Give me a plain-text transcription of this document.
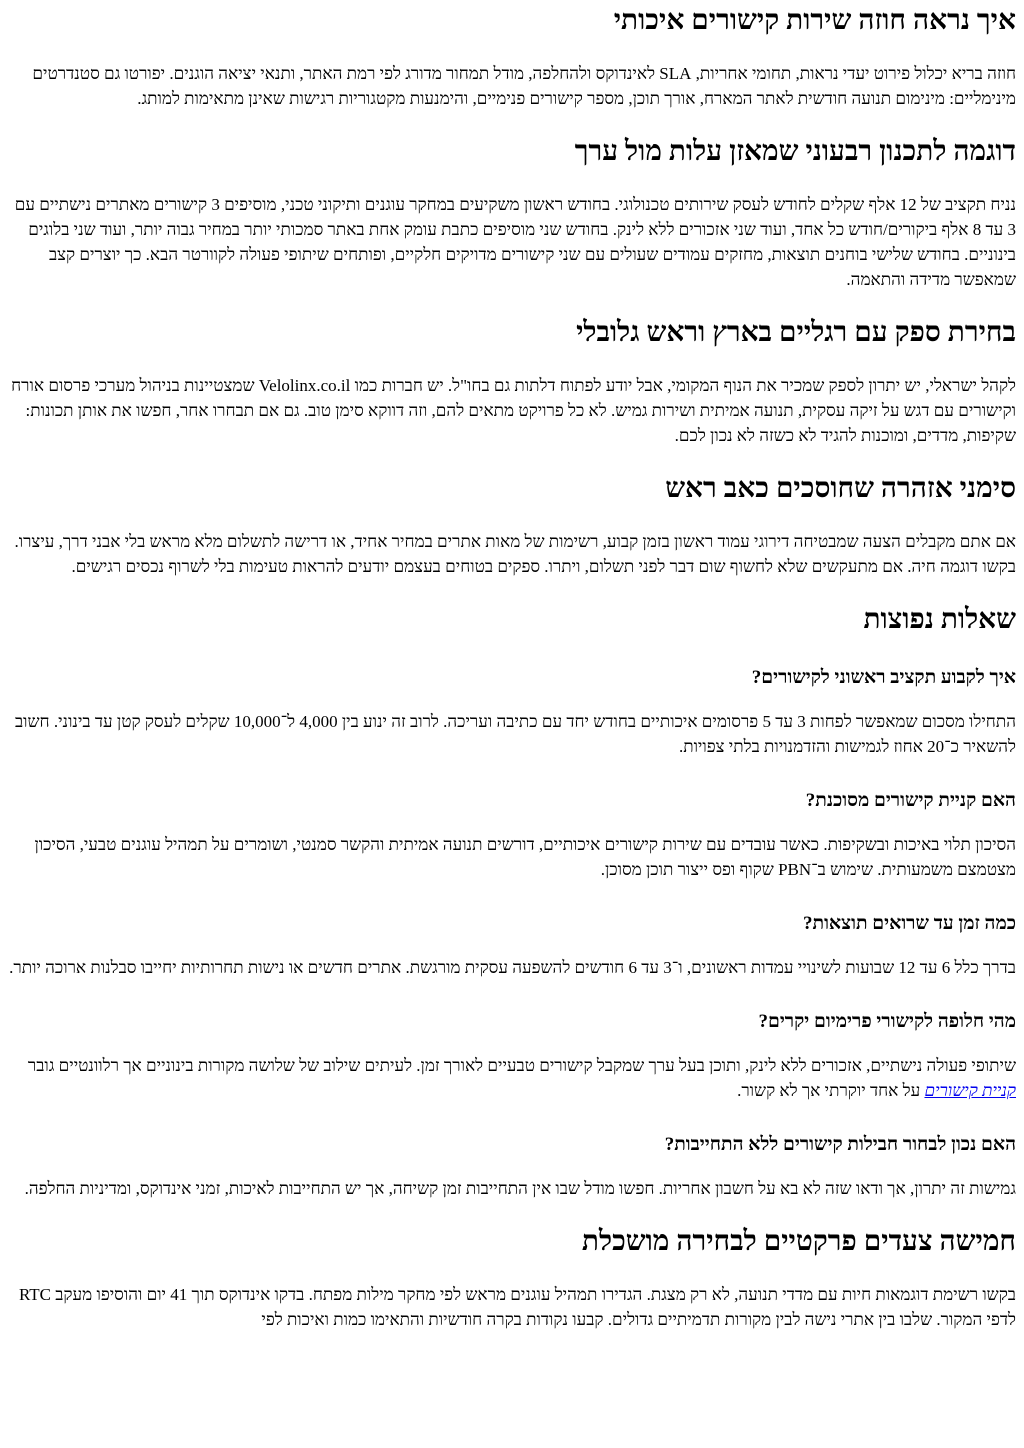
איך נראה חוזה שירות קישורים איכותי

חוזה בריא יכלול פירוט יעדי נראות, תחומי אחריות, SLA לאינדוקס ולהחלפה, מודל תמחור מדורג לפי רמת האתר, ותנאי יציאה הוגנים. יפורטו גם סטנדרטים מינימליים: מינימום תנועה חודשית לאתר המארח, אורך תוכן, מספר קישורים פנימיים, והימנעות מקטגוריות רגישות שאינן מתאימות למותג.

דוגמה לתכנון רבעוני שמאזן עלות מול ערך

נניח תקציב של 12 אלף שקלים לחודש לעסק שירותים טכנולוגי. בחודש ראשון משקיעים במחקר עוגנים ותיקוני טכני, מוסיפים 3 קישורים מאתרים נישתיים עם 3 עד 8 אלף ביקורים/חודש כל אחד, ועוד שני אזכורים ללא לינק. בחודש שני מוסיפים כתבת עומק אחת באתר סמכותי יותר במחיר גבוה יותר, ועוד שני בלוגים בינוניים. בחודש שלישי בוחנים תוצאות, מחזקים עמודים שעולים עם שני קישורים מדויקים חלקיים, ופותחים שיתופי פעולה לקוורטר הבא. כך יוצרים קצב שמאפשר מדידה והתאמה.

בחירת ספק עם רגליים בארץ וראש גלובלי

לקהל ישראלי, יש יתרון לספק שמכיר את הנוף המקומי, אבל יודע לפתוח דלתות גם בחו"ל. יש חברות כמו Velolinx.co.il שמצטיינות בניהול מערכי פרסום אורח וקישורים עם דגש על זיקה עסקית, תנועה אמיתית ושירות גמיש. לא כל פרויקט מתאים להם, וזה דווקא סימן טוב. גם אם תבחרו אחר, חפשו את אותן תכונות: שקיפות, מדדים, ומוכנות להגיד לא כשזה לא נכון לכם.

סימני אזהרה שחוסכים כאב ראש

אם אתם מקבלים הצעה שמבטיחה דירוגי עמוד ראשון בזמן קבוע, רשימות של מאות אתרים במחיר אחיד, או דרישה לתשלום מלא מראש בלי אבני דרך, עיצרו. בקשו דוגמה חיה. אם מתעקשים שלא לחשוף שום דבר לפני תשלום, ויתרו. ספקים בטוחים בעצמם יודעים להראות טעימות בלי לשרוף נכסים רגישים.

שאלות נפוצות
איך לקבוע תקציב ראשוני לקישורים?

התחילו מסכום שמאפשר לפחות 3 עד 5 פרסומים איכותיים בחודש יחד עם כתיבה ועריכה. לרוב זה ינוע בין 4,000 ל־10,000 שקלים לעסק קטן עד בינוני. חשוב להשאיר כ־20 אחוז לגמישות והזדמנויות בלתי צפויות.

האם קניית קישורים מסוכנת?

הסיכון תלוי באיכות ובשקיפות. כאשר עובדים עם שירות קישורים איכותיים, דורשים תנועה אמיתית והקשר סמנטי, ושומרים על תמהיל עוגנים טבעי, הסיכון מצטמצם משמעותית. שימוש ב־PBN שקוף ופס ייצור תוכן מסוכן.

כמה זמן עד שרואים תוצאות?

בדרך כלל 6 עד 12 שבועות לשינויי עמדות ראשונים, ו־3 עד 6 חודשים להשפעה עסקית מורגשת. אתרים חדשים או נישות תחרותיות יחייבו סבלנות ארוכה יותר.

מהי חלופה לקישורי פרימיום יקרים?

שיתופי פעולה נישתיים, אזכורים ללא לינק, ותוכן בעל ערך שמקבל קישורים טבעיים לאורך זמן. לעיתים שילוב של שלושה מקורות בינוניים אך רלוונטיים גובר קניית קישורים על אחד יוקרתי אך לא קשור.

האם נכון לבחור חבילות קישורים ללא התחייבות?

גמישות זה יתרון, אך ודאו שזה לא בא על חשבון אחריות. חפשו מודל שבו אין התחייבות זמן קשיחה, אך יש התחייבות לאיכות, זמני אינדוקס, ומדיניות החלפה.

חמישה צעדים פרקטיים לבחירה מושכלת

בקשו רשימת דוגמאות חיות עם מדדי תנועה, לא רק מצגת. הגדירו תמהיל עוגנים מראש לפי מחקר מילות מפתח. בדקו אינדוקס תוך 41 יום והוסיפו מעקב RTC לדפי המקור. שלבו בין אתרי נישה לבין מקורות תדמיתיים גדולים. קבעו נקודות בקרה חודשיות והתאימו כמות ואיכות לפי
